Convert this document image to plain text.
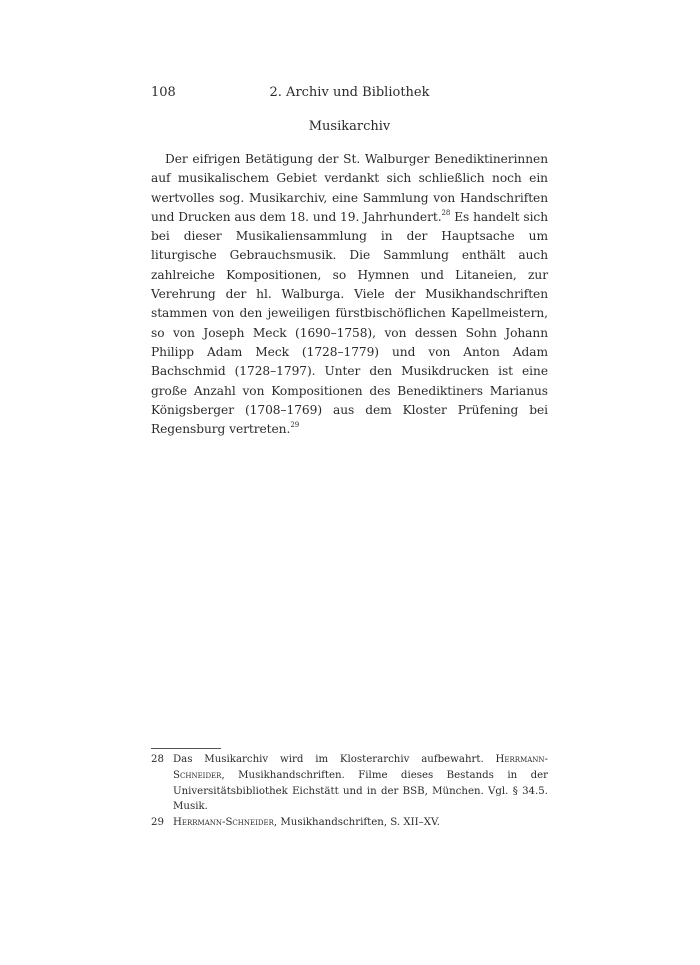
108	2. Archiv und Bibliothek
Musikarchiv

Der eifrigen Betätigung der St. Walburger Benediktinerinnen auf musikalischem Gebiet verdankt sich schließlich noch ein wertvolles sog. Musikarchiv, eine Sammlung von Handschriften und Drucken aus dem 18. und 19. Jahrhundert.$^{28}$ Es handelt sich bei dieser Musikaliensammlung in der Hauptsache um liturgische Gebrauchsmusik. Die Sammlung enthält auch zahlreiche Kompositionen, so Hymnen und Litaneien, zur Verehrung der hl. Walburga. Viele der Musikhandschriften stammen von den jeweiligen fürstbischöflichen Kapellmeistern, so von Joseph Meck (1690–1758), von dessen Sohn Johann Philipp Adam Meck (1728–1779) und von Anton Adam Bachschmid (1728–1797). Unter den Musikdrucken ist eine große Anzahl von Kompositionen des Benediktiners Marianus Königsberger (1708–1769) aus dem Kloster Prüfening bei Regensburg vertreten.$^{29}$

28 Das Musikarchiv wird im Klosterarchiv aufbewahrt. Herrmann-Schneider, Musikhandschriften. Filme dieses Bestands in der Universitätsbibliothek Eichstätt und in der BSB, München. Vgl. § 34.5. Musik.

29 Herrmann-Schneider, Musikhandschriften, S. XII–XV.
